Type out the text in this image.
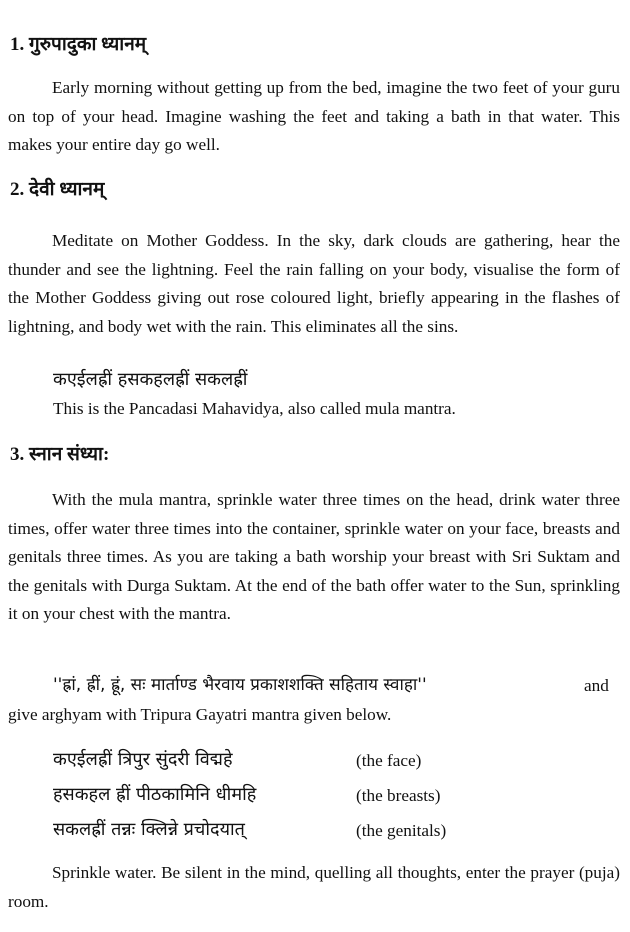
1. गुरुपादुका ध्यानम्
Early morning without getting up from the bed, imagine the two feet of your guru on top of your head. Imagine washing the feet and taking a bath in that water. This makes your entire day go well.
2. देवी ध्यानम्
Meditate on Mother Goddess. In the sky, dark clouds are gathering, hear the thunder and see the lightning. Feel the rain falling on your body, visualise the form of the Mother Goddess giving out rose coloured light, briefly appearing in the flashes of lightning, and body wet with the rain. This eliminates all the sins.
कएईलह्रीं हसकहलह्रीं सकलह्रीं
This is the Pancadasi Mahavidya, also called mula mantra.
3. स्नान संध्या:
With the mula mantra, sprinkle water three times on the head, drink water three times, offer water three times into the container, sprinkle water on your face, breasts and genitals three times. As you are taking a bath worship your breast with Sri Suktam and the genitals with Durga Suktam. At the end of the bath offer water to the Sun, sprinkling it on your chest with the mantra.
''ह्रां, ह्रीं, ह्रूं, सः मार्ताण्ड भैरवाय प्रकाशशक्ति सहिताय स्वाहा''	and
give arghyam with Tripura Gayatri mantra given below.
कएईलह्रीं त्रिपुर सुंदरी विद्महे	(the face)
हसकहल ह्रीं पीठकामिनि धीमहि	(the breasts)
सकलह्रीं तन्नः क्लिन्ने प्रचोदयात्	(the genitals)
Sprinkle water. Be silent in the mind, quelling all thoughts, enter the prayer (puja) room.
